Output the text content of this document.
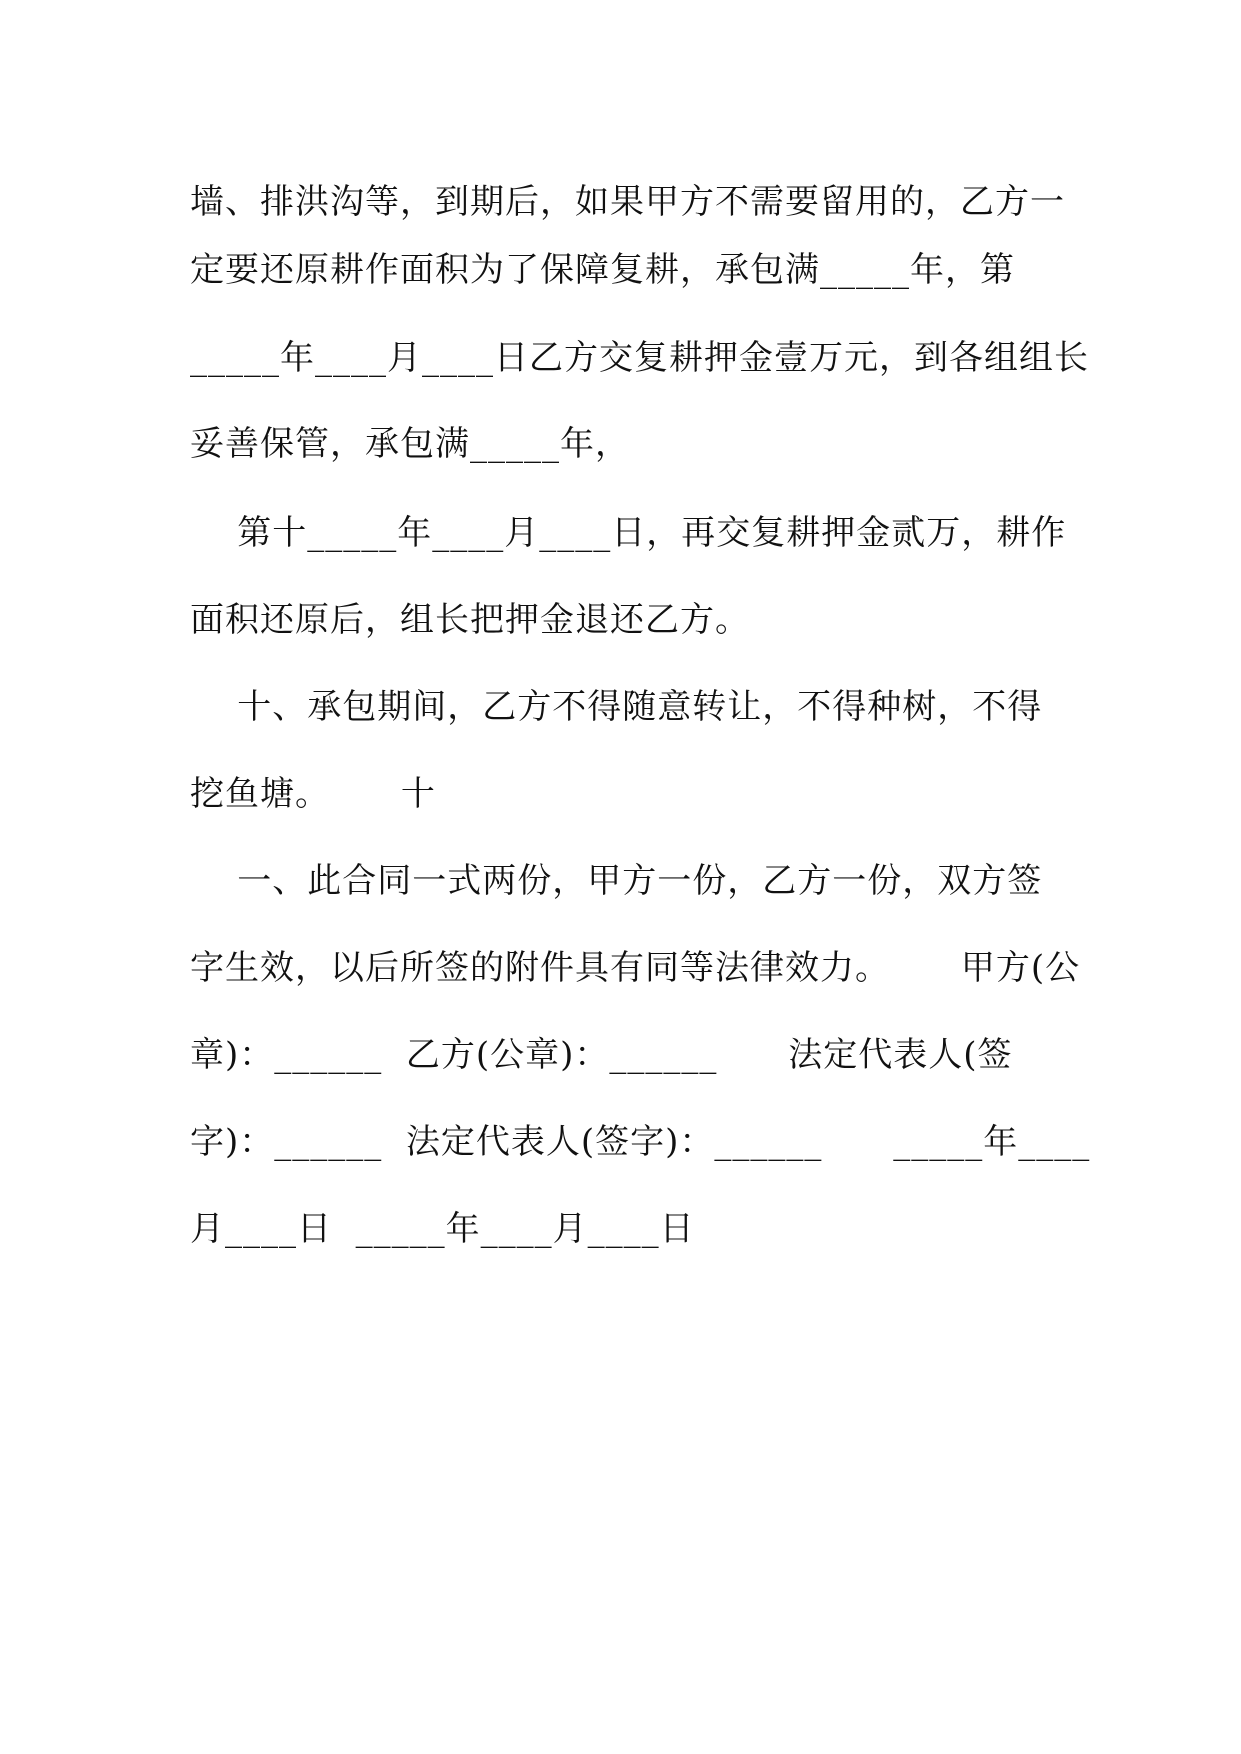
墙、排洪沟等，到期后，如果甲方不需要留用的，乙方一
定要还原耕作面积为了保障复耕，承包满_____年，第
_____年____月____日乙方交复耕押金壹万元，到各组组长
妥善保管，承包满_____年，
第十_____年____月____日，再交复耕押金贰万，耕作
面积还原后，组长把押金退还乙方。
十、承包期间，乙方不得随意转让，不得种树，不得
挖鱼塘。      十
一、此合同一式两份，甲方一份，乙方一份，双方签
字生效，以后所签的附件具有同等法律效力。      甲方(公
章)：______  乙方(公章)：______      法定代表人(签
字)：______  法定代表人(签字)：______      _____年____
月____日  _____年____月____日
